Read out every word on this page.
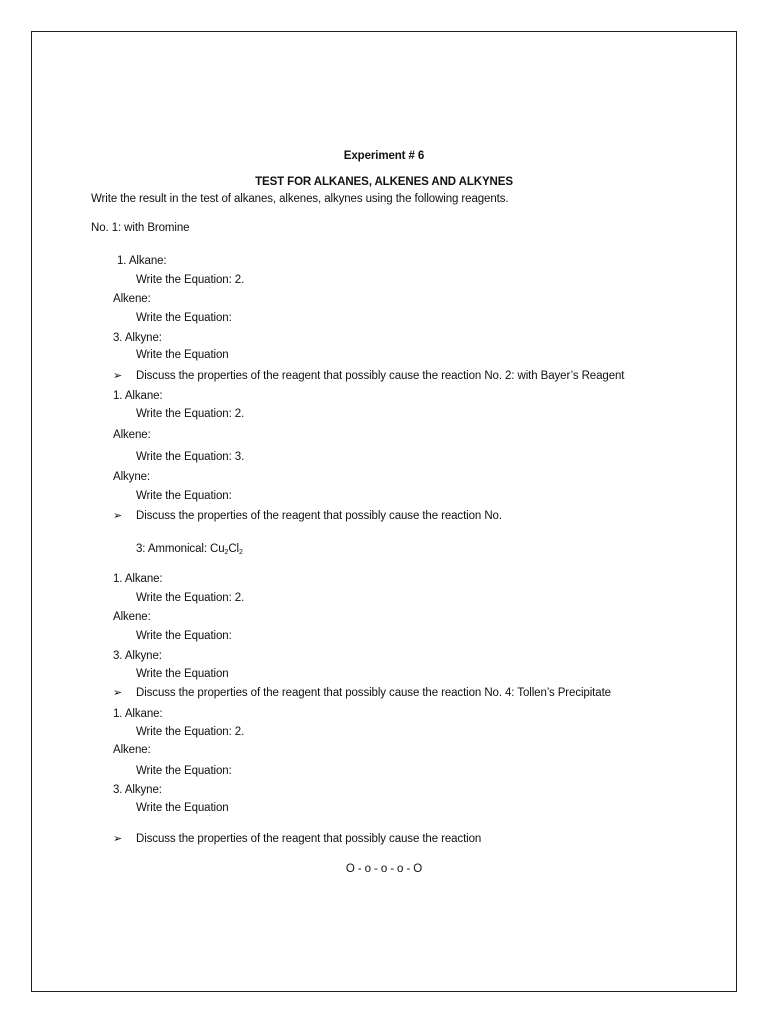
Experiment # 6
TEST FOR ALKANES, ALKENES AND ALKYNES
Write the result in the test of alkanes, alkenes, alkynes using the following reagents.
No. 1: with Bromine
1. Alkane:
Write the Equation: 2.
Alkene:
Write the Equation:
3. Alkyne:
Write the Equation
➢ Discuss the properties of the reagent that possibly cause the reaction No. 2: with Bayer’s Reagent
1. Alkane:
Write the Equation: 2.
Alkene:
Write the Equation: 3.
Alkyne:
Write the Equation:
➢ Discuss the properties of the reagent that possibly cause the reaction No.
3: Ammonical: $Cu_2Cl_2$
1. Alkane:
Write the Equation: 2.
Alkene:
Write the Equation:
3. Alkyne:
Write the Equation
➢ Discuss the properties of the reagent that possibly cause the reaction No. 4: Tollen’s Precipitate
1. Alkane:
Write the Equation: 2.
Alkene:
Write the Equation:
3. Alkyne:
Write the Equation
➢ Discuss the properties of the reagent that possibly cause the reaction
O - o - o - o - O
